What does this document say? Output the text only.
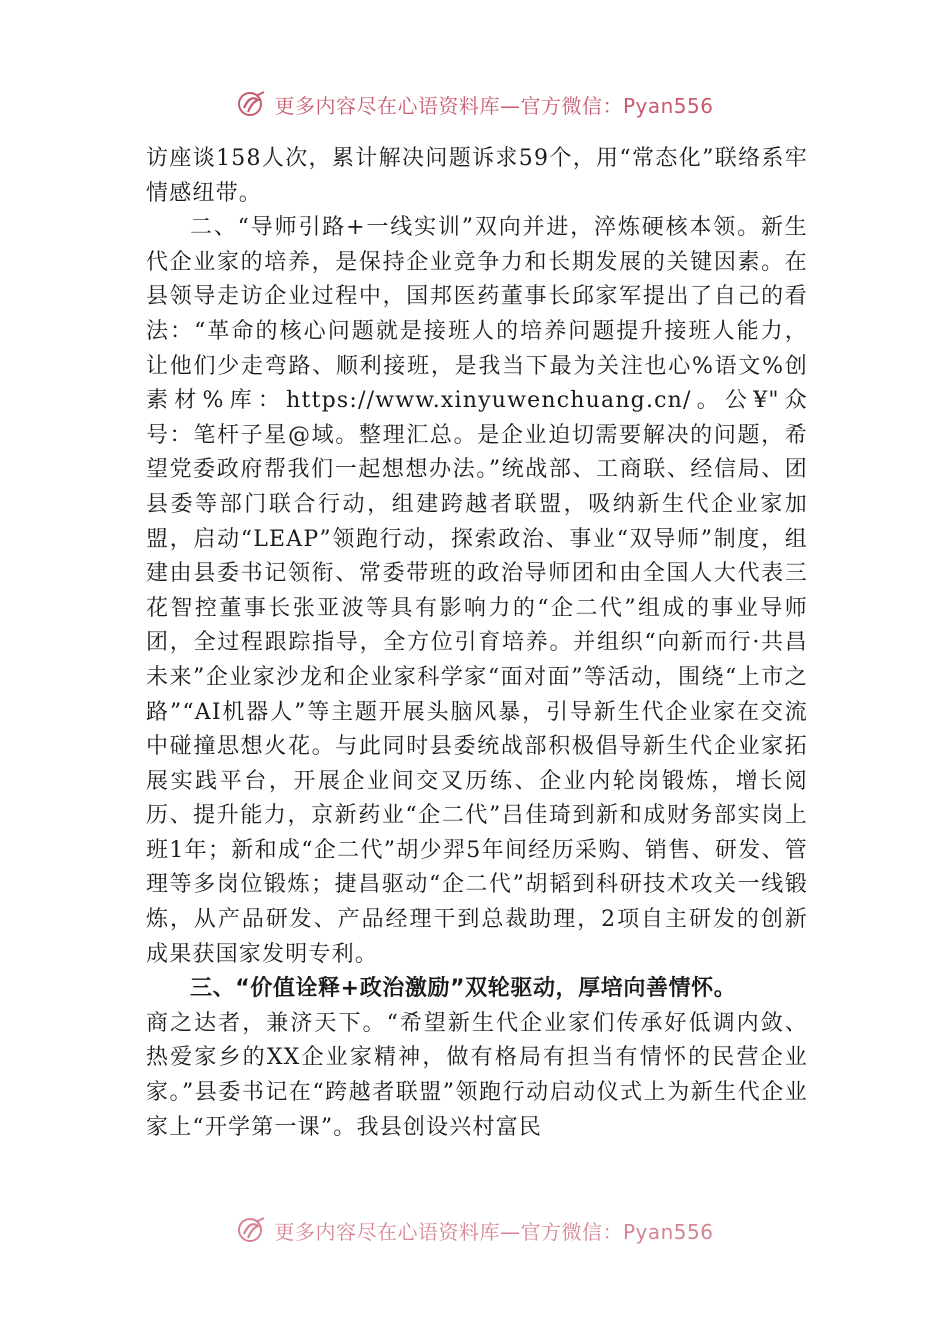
更多内容尽在心语资料库—官方微信：Pyan556

访座谈158人次，累计解决问题诉求59个，用“常态化”联络系牢情感纽带。

二、“导师引路+一线实训”双向并进，淬炼硬核本领。新生代企业家的培养，是保持企业竞争力和长期发展的关键因素。在县领导走访企业过程中，国邦医药董事长邱家军提出了自己的看法：“革命的核心问题就是接班人的培养问题提升接班人能力，让他们少走弯路、顺利接班，是我当下最为关注也心%语文%创素材%库：https://www.xinyuwenchuang.cn/。公¥"众号：笔杆子星@域。整理汇总。是企业迫切需要解决的问题，希望党委政府帮我们一起想想办法。”统战部、工商联、经信局、团县委等部门联合行动，组建跨越者联盟，吸纳新生代企业家加盟，启动“LEAP”领跑行动，探索政治、事业“双导师”制度，组建由县委书记领衔、常委带班的政治导师团和由全国人大代表三花智控董事长张亚波等具有影响力的“企二代”组成的事业导师团，全过程跟踪指导，全方位引育培养。并组织“向新而行·共昌未来”企业家沙龙和企业家科学家“面对面”等活动，围绕“上市之路”“AI机器人”等主题开展头脑风暴，引导新生代企业家在交流中碰撞思想火花。与此同时县委统战部积极倡导新生代企业家拓展实践平台，开展企业间交叉历练、企业内轮岗锻炼，增长阅历、提升能力，京新药业“企二代”吕佳琦到新和成财务部实岗上班1年；新和成“企二代”胡少羿5年间经历采购、销售、研发、管理等多岗位锻炼；捷昌驱动“企二代”胡韬到科研技术攻关一线锻炼，从产品研发、产品经理干到总裁助理，2项自主研发的创新成果获国家发明专利。

三、“价值诠释+政治激励”双轮驱动，厚培向善情怀。

商之达者，兼济天下。“希望新生代企业家们传承好低调内敛、热爱家乡的XX企业家精神，做有格局有担当有情怀的民营企业家。”县委书记在“跨越者联盟”领跑行动启动仪式上为新生代企业家上“开学第一课”。我县创设兴村富民

更多内容尽在心语资料库—官方微信：Pyan556
